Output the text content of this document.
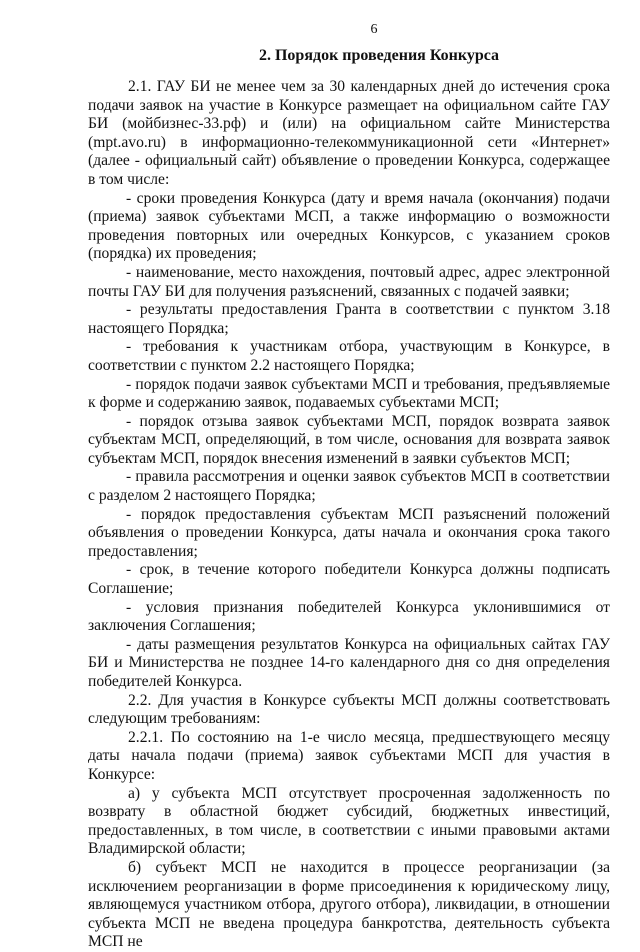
6
2. Порядок проведения Конкурса

2.1. ГАУ БИ не менее чем за 30 календарных дней до истечения срока подачи заявок на участие в Конкурсе размещает на официальном сайте ГАУ БИ (мойбизнес-33.рф) и (или) на официальном сайте Министерства (mpt.avo.ru) в информационно-телекоммуникационной сети «Интернет» (далее - официальный сайт) объявление о проведении Конкурса, содержащее в том числе:

- сроки проведения Конкурса (дату и время начала (окончания) подачи (приема) заявок субъектами МСП, а также информацию о возможности проведения повторных или очередных Конкурсов, с указанием сроков (порядка) их проведения;

- наименование, место нахождения, почтовый адрес, адрес электронной почты ГАУ БИ для получения разъяснений, связанных с подачей заявки;

- результаты предоставления Гранта в соответствии с пунктом 3.18 настоящего Порядка;

- требования к участникам отбора, участвующим в Конкурсе, в соответствии с пунктом 2.2 настоящего Порядка;

- порядок подачи заявок субъектами МСП и требования, предъявляемые к форме и содержанию заявок, подаваемых субъектами МСП;

- порядок отзыва заявок субъектами МСП, порядок возврата заявок субъектам МСП, определяющий, в том числе, основания для возврата заявок субъектам МСП, порядок внесения изменений в заявки субъектов МСП;

- правила рассмотрения и оценки заявок субъектов МСП в соответствии с разделом 2 настоящего Порядка;

- порядок предоставления субъектам МСП разъяснений положений объявления о проведении Конкурса, даты начала и окончания срока такого предоставления;

- срок, в течение которого победители Конкурса должны подписать Соглашение;

- условия признания победителей Конкурса уклонившимися от заключения Соглашения;

- даты размещения результатов Конкурса на официальных сайтах ГАУ БИ и Министерства не позднее 14-го календарного дня со дня определения победителей Конкурса.

2.2. Для участия в Конкурсе субъекты МСП должны соответствовать следующим требованиям:

2.2.1. По состоянию на 1-е число месяца, предшествующего месяцу даты начала подачи (приема) заявок субъектами МСП для участия в Конкурсе:

а) у субъекта МСП отсутствует просроченная задолженность по возврату в областной бюджет субсидий, бюджетных инвестиций, предоставленных, в том числе, в соответствии с иными правовыми актами Владимирской области;

б) субъект МСП не находится в процессе реорганизации (за исключением реорганизации в форме присоединения к юридическому лицу, являющемуся участником отбора, другого отбора), ликвидации, в отношении субъекта МСП не введена процедура банкротства, деятельность субъекта МСП не
